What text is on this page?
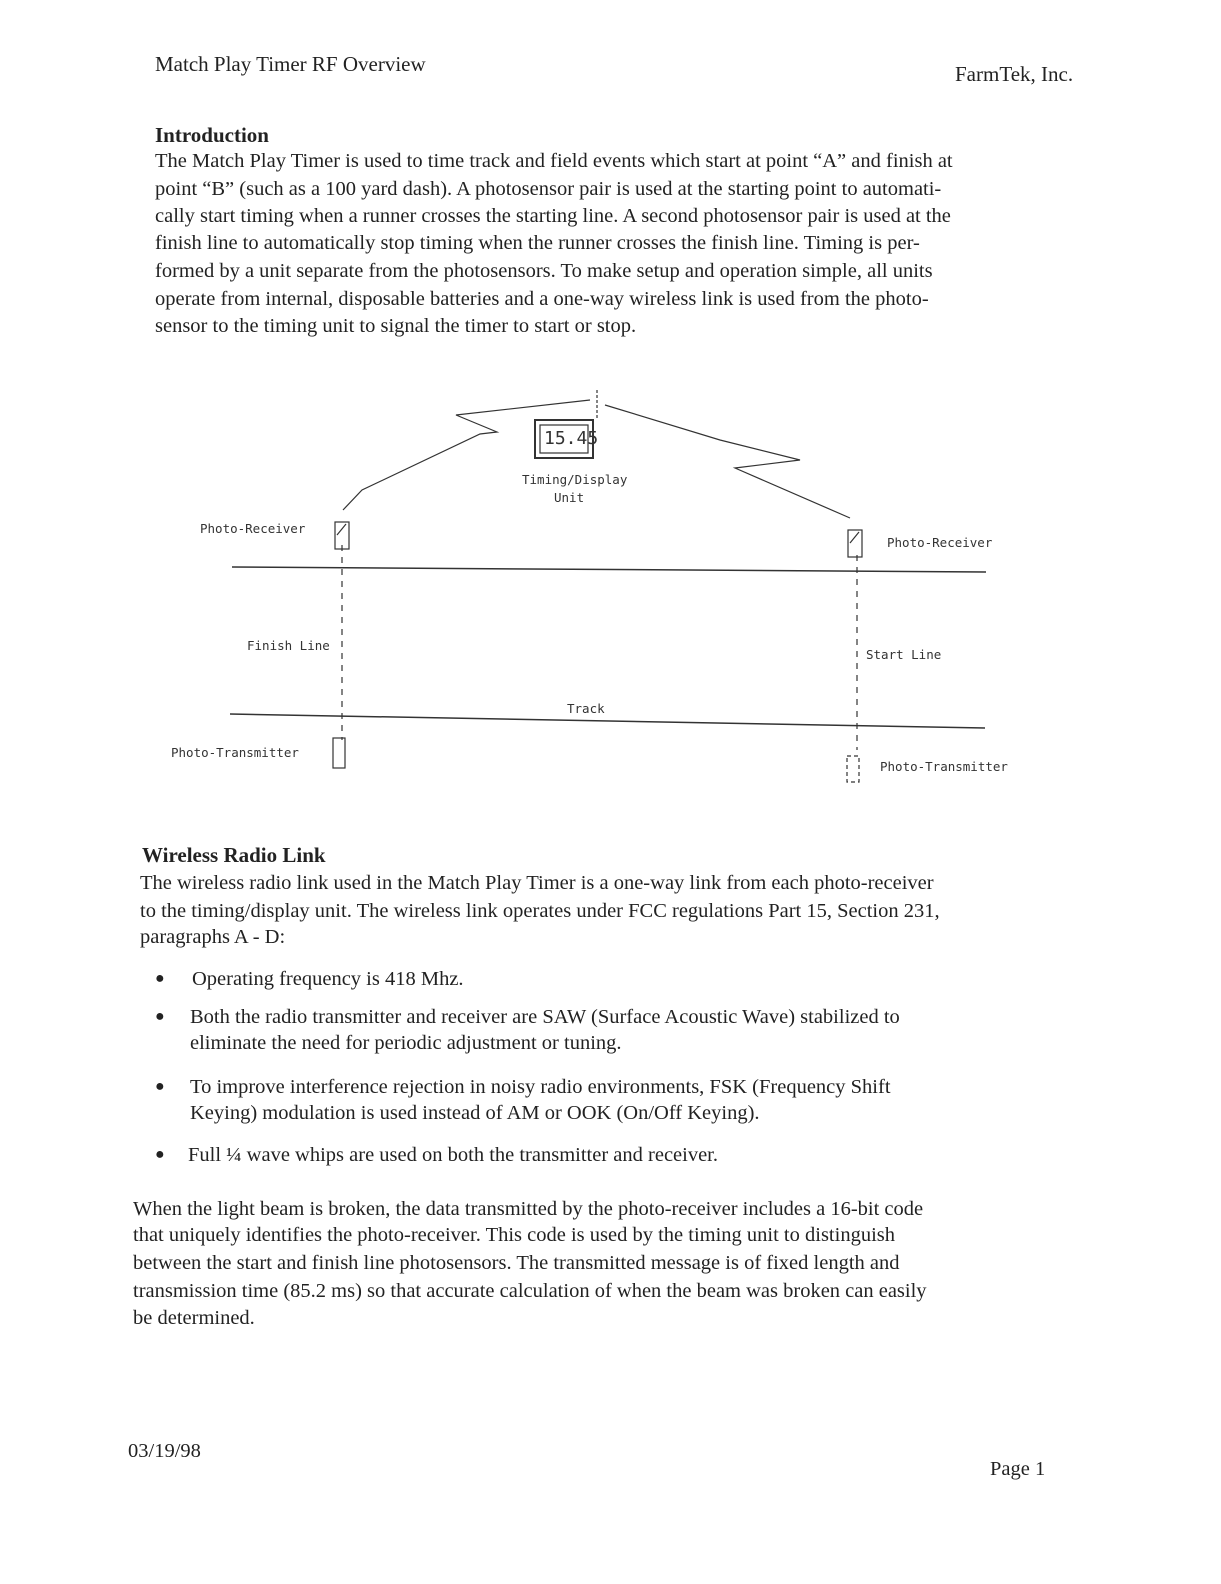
Match Play Timer RF Overview	FarmTek, Inc.
Introduction
The Match Play Timer is used to time track and field events which start at point “A” and finish at
point “B” (such as a 100 yard dash). A photosensor pair is used at the starting point to automati-
cally start timing when a runner crosses the starting line. A second photosensor pair is used at the
finish line to automatically stop timing when the runner crosses the finish line. Timing is per-
formed by a unit separate from the photosensors. To make setup and operation simple, all units
operate from internal, disposable batteries and a one-way wireless link is used from the photo-
sensor to the timing unit to signal the timer to start or stop.
15.45
Timing/Display
Unit
Photo-Receiver
Photo-Receiver
Finish Line
Start Line
Track
Photo-Transmitter
Photo-Transmitter
Wireless Radio Link
The wireless radio link used in the Match Play Timer is a one-way link from each photo-receiver
to the timing/display unit. The wireless link operates under FCC regulations Part 15, Section 231,
paragraphs A - D:
● Operating frequency is 418 Mhz.
● Both the radio transmitter and receiver are SAW (Surface Acoustic Wave) stabilized to
eliminate the need for periodic adjustment or tuning.
● To improve interference rejection in noisy radio environments, FSK (Frequency Shift
Keying) modulation is used instead of AM or OOK (On/Off Keying).
● Full ¼ wave whips are used on both the transmitter and receiver.
When the light beam is broken, the data transmitted by the photo-receiver includes a 16-bit code
that uniquely identifies the photo-receiver. This code is used by the timing unit to distinguish
between the start and finish line photosensors. The transmitted message is of fixed length and
transmission time (85.2 ms) so that accurate calculation of when the beam was broken can easily
be determined.
03/19/98
Page 1
